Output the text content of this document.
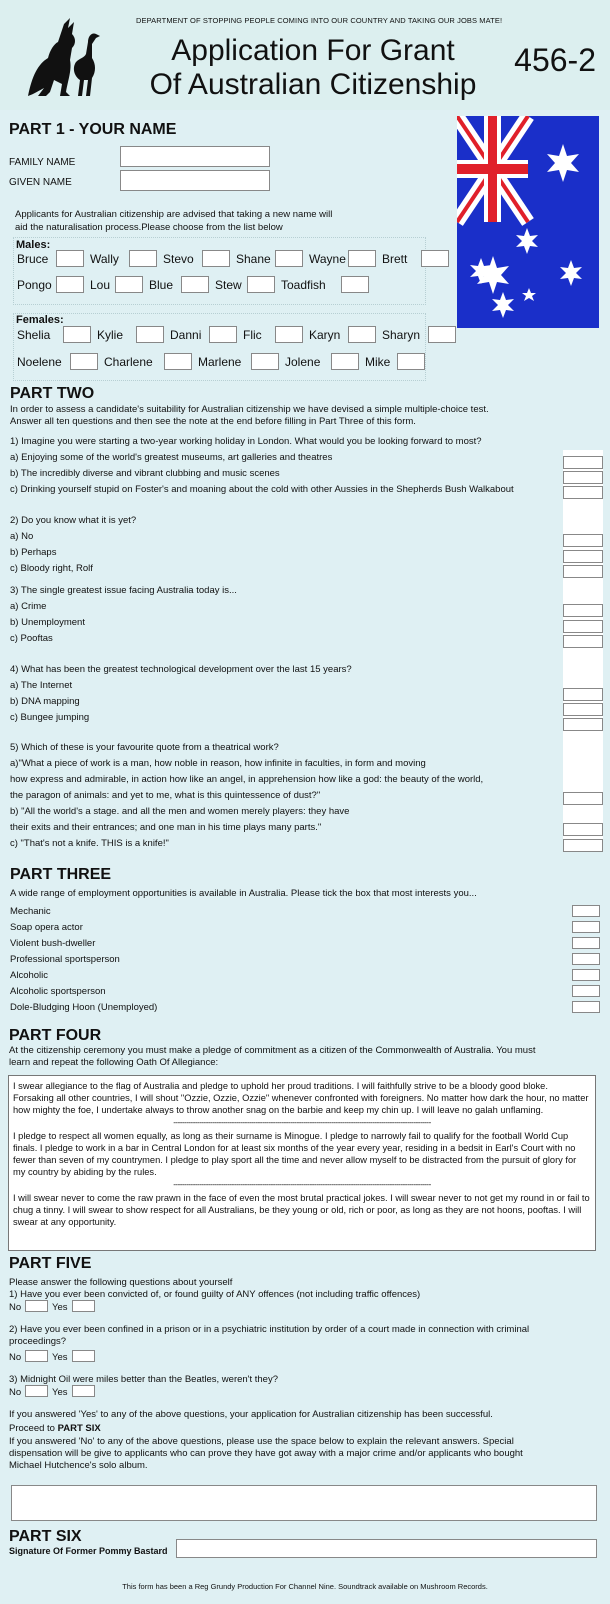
DEPARTMENT OF STOPPING PEOPLE COMING INTO OUR COUNTRY AND TAKING OUR JOBS MATE!
Application For Grant
Of Australian Citizenship
456-2
PART 1 - YOUR NAME
FAMILY NAME
GIVEN NAME
Applicants for Australian citizenship are advised that taking a new name will aid the naturalisation process.Please choose from the list below
Males:
Bruce	Wally	Stevo	Shane	Wayne	Brett
Pongo	Lou	Blue	Stew	Toadfish
Females:
Shelia	Kylie	Danni	Flic	Karyn	Sharyn
Noelene	Charlene	Marlene	Jolene	Mike
PART TWO
In order to assess a candidate's suitability for Australian citizenship we have devised a simple multiple-choice test.
Answer all ten questions and then see the note at the end before filling in Part Three of this form.
1) Imagine you were starting a two-year working holiday in London. What would you be looking forward to most?
a) Enjoying some of the world's greatest museums, art galleries and theatres
b) The incredibly diverse and vibrant clubbing and music scenes
c) Drinking yourself stupid on Foster's and moaning about the cold with other Aussies in the Shepherds Bush Walkabout
2) Do you know what it is yet?
a) No
b) Perhaps
c) Bloody right, Rolf
3) The single greatest issue facing Australia today is...
a) Crime
b) Unemployment
c) Pooftas
4) What has been the greatest technological development over the last 15 years?
a) The Internet
b) DNA mapping
c) Bungee jumping
5) Which of these is your favourite quote from a theatrical work?
a)"What a piece of work is a man, how noble in reason, how infinite in faculties, in form and moving
how express and admirable, in action how like an angel, in apprehension how like a god: the beauty of the world,
the paragon of animals: and yet to me, what is this quintessence of dust?"
b) "All the world's a stage. and all the men and women merely players: they have
their exits and their entrances; and one man in his time plays many parts."
c) "That's not a knife. THIS is a knife!"
PART THREE
A wide range of employment opportunities is available in Australia. Please tick the box that most interests you...
Mechanic
Soap opera actor
Violent bush-dweller
Professional sportsperson
Alcoholic
Alcoholic sportsperson
Dole-Bludging Hoon (Unemployed)
PART FOUR
At the citizenship ceremony you must make a pledge of commitment as a citizen of the Commonwealth of Australia. You must
learn and repeat the following Oath Of Allegiance:

I swear allegiance to the flag of Australia and pledge to uphold her proud traditions. I will faithfully strive to be a bloody good bloke. Forsaking all other countries, I will shout "Ozzie, Ozzie, Ozzie" whenever confronted with foreigners. No matter how dark the hour, no matter how mighty the foe, I undertake always to throw another snag on the barbie and keep my chin up. I will leave no galah unflaming.

-----------------------------------------------------------------------------------------------------------------------

I pledge to respect all women equally, as long as their surname is Minogue. I pledge to narrowly fail to qualify for the football World Cup finals. I pledge to work in a bar in Central London for at least six months of the year every year, residing in a bedsit in Earl's Court with no fewer than seven of my countrymen. I pledge to play sport all the time and never allow myself to be distracted from the pursuit of glory for my country by abiding by the rules.

-----------------------------------------------------------------------------------------------------------------------

I will swear never to come the raw prawn in the face of even the most brutal practical jokes. I will swear never to not get my round in or fail to chug a tinny. I will swear to show respect for all Australians, be they young or old, rich or poor, as long as they are not hoons, pooftas. I will swear at any opportunity.

PART FIVE
Please answer the following questions about yourself
1) Have you ever been convicted of, or found guilty of ANY offences (not including traffic offences)
No	Yes
2) Have you ever been confined in a prison or in a psychiatric institution by order of a court made in connection with criminal
proceedings?
No	Yes
3) Midnight Oil were miles better than the Beatles, weren't they?
No	Yes
If you answered 'Yes' to any of the above questions, your application for Australian citizenship has been successful.
Proceed to PART SIX
If you answered 'No' to any of the above questions, please use the space below to explain the relevant answers. Special
dispensation will be give to applicants who can prove they have got away with a major crime and/or applicants who bought
Michael Hutchence's solo album.
PART SIX
Signature Of Former Pommy Bastard
This form has been a Reg Grundy Production For Channel Nine. Soundtrack available on Mushroom Records.
